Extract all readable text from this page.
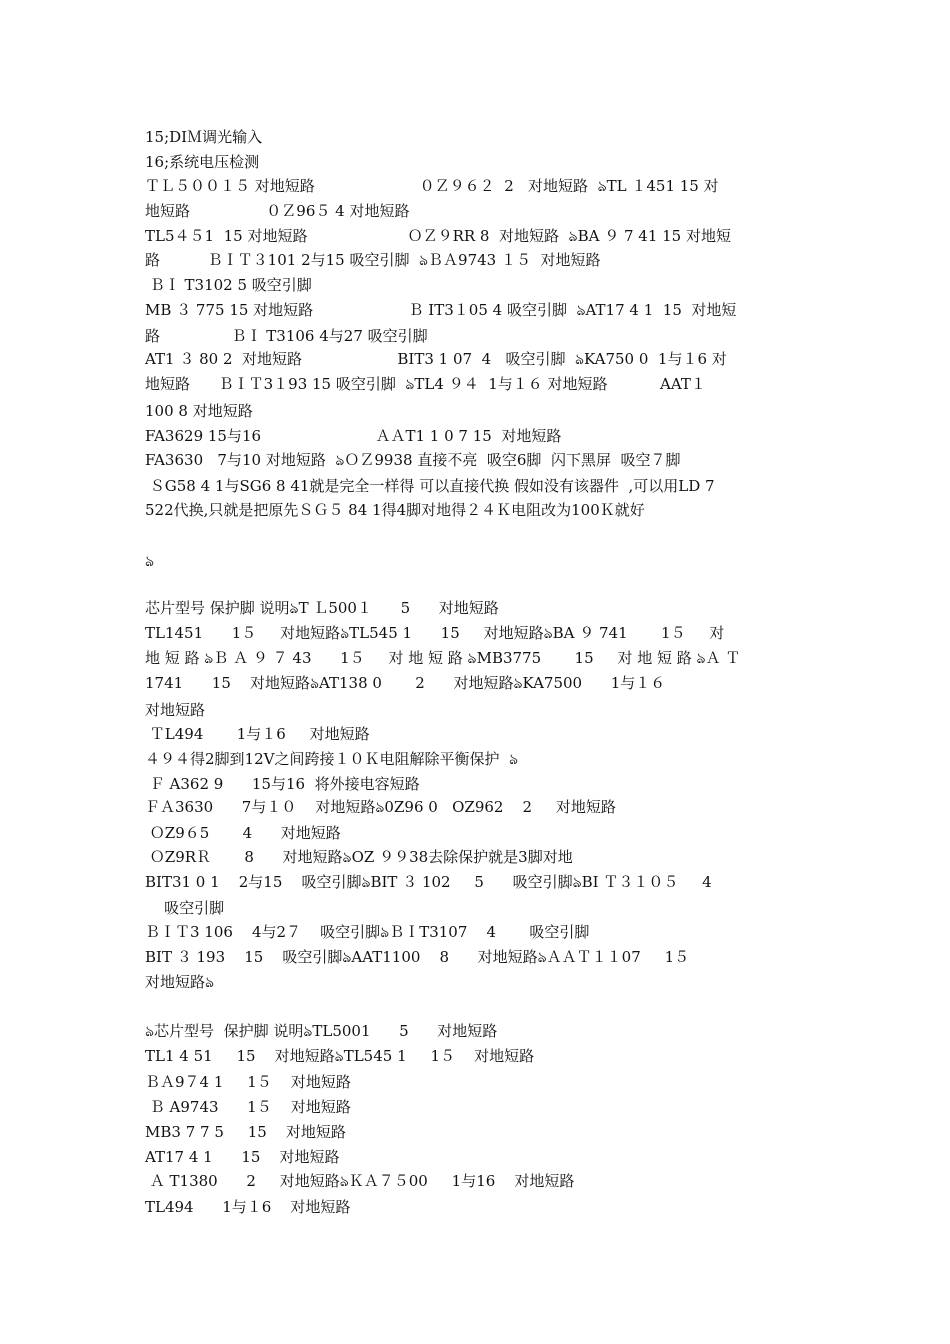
15;DIＭ调光输入
16;系统电压检测
ＴＬ５００１５ 对地短路                      ０Ｚ９６２  2   对地短路  ঌTL １451 15 对
地短路                ０Ｚ96５ 4 对地短路
TL5４５1  15 对地短路                     ＯＺ９RR 8  对地短路  ঌBA ９ 7 41 15 对地短
路          ＢＩＴ３101 2与15 吸空引脚  ঌＢＡ9743 １５  对地短路
ＢＩ T3102 5 吸空引脚
MB ３ 775 15 对地短路                    Ｂ IT3１05 4 吸空引脚  ঌAT17 4 1  15  对地短
路               ＢＩ T3106 4与27 吸空引脚
AT1 ３ 80 2  对地短路                    BIT3 1 07  4   吸空引脚  ঌKA750 0  1与１6 对
地短路      ＢＩＴ3１93 15 吸空引脚  ঌTL4 ９４  1与１６ 对地短路           AAT１
100 8 对地短路
FA3629 15与16                        ＡＡT1 1 0 7 15  对地短路
FA3630   7与10 对地短路  ঌＯＺ9938 直接不亮  吸空6脚  闪下黑屏  吸空７脚
ＳG58 4 1与SG6 8 41就是完全一样得 可以直接代换 假如没有该器件  ,可以用LD 7
522代换,只就是把原先ＳＧ５ 84 1得4脚对地得２４Ｋ电阻改为100Ｋ就好
ঌ
芯片型号 保护脚 说明ঌT Ｌ500１      5      对地短路
TL1451      1５     对地短路ঌTL545 1      15     对地短路ঌBA ９ 741       1５     对
地 短 路 ঌＢ Ａ ９ ７ 43      1５     对 地 短 路 ঌMB3775       15     对 地 短 路 ঌＡ Ｔ
1741      15    对地短路ঌAT138 0       2      对地短路ঌKA7500      1与１６
对地短路
ＴL494       1与１6     对地短路
４９４得2脚到12V之间跨接１０Ｋ电阻解除平衡保护  ঌ
Ｆ A362 9      15与16  将外接电容短路
ＦＡ3630      7与１０    对地短路ঌ0Z96 0   OZ962    2     对地短路
ＯZ9６5       4      对地短路
ＯZ9RＲ       8      对地短路ঌOZ ９９38去除保护就是3脚对地
BIT31 0 1    2与15    吸空引脚ঌBIT ３ 102     5      吸空引脚ঌBI Ｔ３１０５     4
吸空引脚
ＢＩＴ3 106    4与2７    吸空引脚ঌＢＩT3107    4       吸空引脚
BIT ３ 193    15    吸空引脚ঌAAT1100    8      对地短路ঌＡＡＴ１１07     1５
对地短路ঌ
ঌ芯片型号  保护脚 说明ঌTL5001      5      对地短路
TL1 4 51     15    对地短路ঌTL545 1     1５    对地短路
ＢＡ9７4 1     1５    对地短路
Ｂ A9743      1５    对地短路
MB3 7 7 5     15    对地短路
AT17 4 1      15    对地短路
Ａ T1380      2     对地短路ঌＫＡ７５00     1与16    对地短路
TL494      1与１6    对地短路
